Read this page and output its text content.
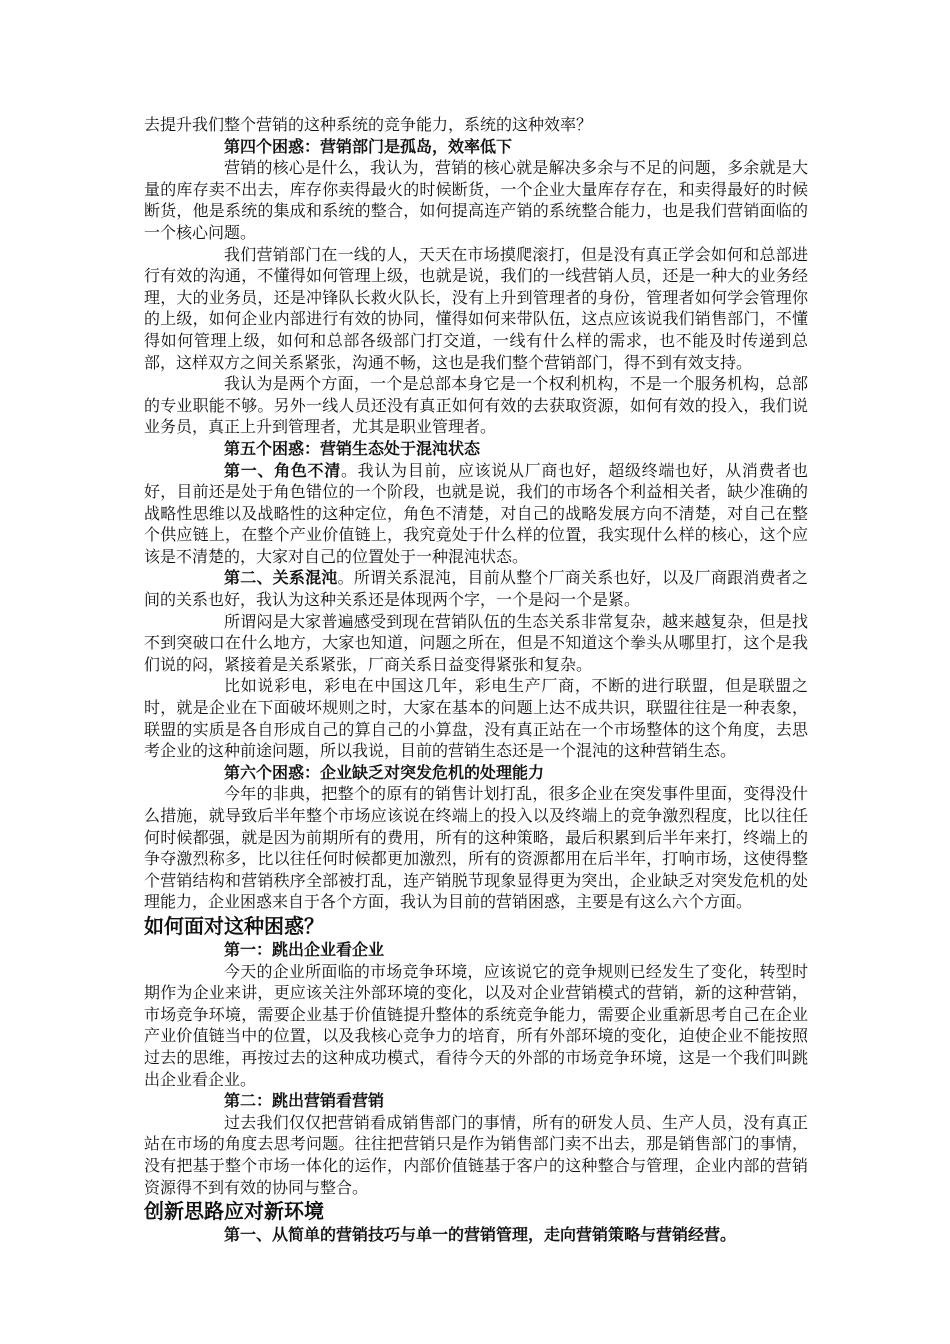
去提升我们整个营销的这种系统的竞争能力，系统的这种效率？

第四个困惑：营销部门是孤岛，效率低下

营销的核心是什么，我认为，营销的核心就是解决多余与不足的问题，多余就是大量的库存卖不出去，库存你卖得最火的时候断货，一个企业大量库存存在，和卖得最好的时候断货，他是系统的集成和系统的整合，如何提高连产销的系统整合能力，也是我们营销面临的一个核心问题。

我们营销部门在一线的人，天天在市场摸爬滚打，但是没有真正学会如何和总部进行有效的沟通，不懂得如何管理上级，也就是说，我们的一线营销人员，还是一种大的业务经理，大的业务员，还是冲锋队长救火队长，没有上升到管理者的身份，管理者如何学会管理你的上级，如何企业内部进行有效的协同，懂得如何来带队伍，这点应该说我们销售部门，不懂得如何管理上级，如何和总部各级部门打交道，一线有什么样的需求，也不能及时传递到总部，这样双方之间关系紧张，沟通不畅，这也是我们整个营销部门，得不到有效支持。

我认为是两个方面，一个是总部本身它是一个权利机构，不是一个服务机构，总部的专业职能不够。另外一线人员还没有真正如何有效的去获取资源，如何有效的投入，我们说业务员，真正上升到管理者，尤其是职业管理者。

第五个困惑：营销生态处于混沌状态

第一、角色不清。我认为目前，应该说从厂商也好，超级终端也好，从消费者也好，目前还是处于角色错位的一个阶段，也就是说，我们的市场各个利益相关者，缺少准确的战略性思维以及战略性的这种定位，角色不清楚，对自己的战略发展方向不清楚，对自己在整个供应链上，在整个产业价值链上，我究竟处于什么样的位置，我实现什么样的核心，这个应该是不清楚的，大家对自己的位置处于一种混沌状态。

第二、关系混沌。所谓关系混沌，目前从整个厂商关系也好，以及厂商跟消费者之间的关系也好，我认为这种关系还是体现两个字，一个是闷一个是紧。

所谓闷是大家普遍感受到现在营销队伍的生态关系非常复杂，越来越复杂，但是找不到突破口在什么地方，大家也知道，问题之所在，但是不知道这个拳头从哪里打，这个是我们说的闷，紧接着是关系紧张，厂商关系日益变得紧张和复杂。

比如说彩电，彩电在中国这几年，彩电生产厂商，不断的进行联盟，但是联盟之时，就是企业在下面破坏规则之时，大家在基本的问题上达不成共识，联盟往往是一种表象，联盟的实质是各自形成自己的算自己的小算盘，没有真正站在一个市场整体的这个角度，去思考企业的这种前途问题，所以我说，目前的营销生态还是一个混沌的这种营销生态。

第六个困惑：企业缺乏对突发危机的处理能力

今年的非典，把整个的原有的销售计划打乱，很多企业在突发事件里面，变得没什么措施，就导致后半年整个市场应该说在终端上的投入以及终端上的竞争激烈程度，比以往任何时候都强，就是因为前期所有的费用，所有的这种策略，最后积累到后半年来打，终端上的争夺激烈称多，比以往任何时候都更加激烈，所有的资源都用在后半年，打响市场，这使得整个营销结构和营销秩序全部被打乱，连产销脱节现象显得更为突出，企业缺乏对突发危机的处理能力，企业困惑来自于各个方面，我认为目前的营销困惑，主要是有这么六个方面。

如何面对这种困惑？

第一：跳出企业看企业

今天的企业所面临的市场竞争环境，应该说它的竞争规则已经发生了变化，转型时期作为企业来讲，更应该关注外部环境的变化，以及对企业营销模式的营销，新的这种营销，市场竞争环境，需要企业基于价值链提升整体的系统竞争能力，需要企业重新思考自己在企业产业价值链当中的位置，以及我核心竞争力的培育，所有外部环境的变化，迫使企业不能按照过去的思维，再按过去的这种成功模式，看待今天的外部的市场竞争环境，这是一个我们叫跳出企业看企业。

第二：跳出营销看营销

过去我们仅仅把营销看成销售部门的事情，所有的研发人员、生产人员，没有真正站在市场的角度去思考问题。往往把营销只是作为销售部门卖不出去，那是销售部门的事情，没有把基于整个市场一体化的运作，内部价值链基于客户的这种整合与管理，企业内部的营销资源得不到有效的协同与整合。

创新思路应对新环境

第一、从简单的营销技巧与单一的营销管理，走向营销策略与营销经营。
